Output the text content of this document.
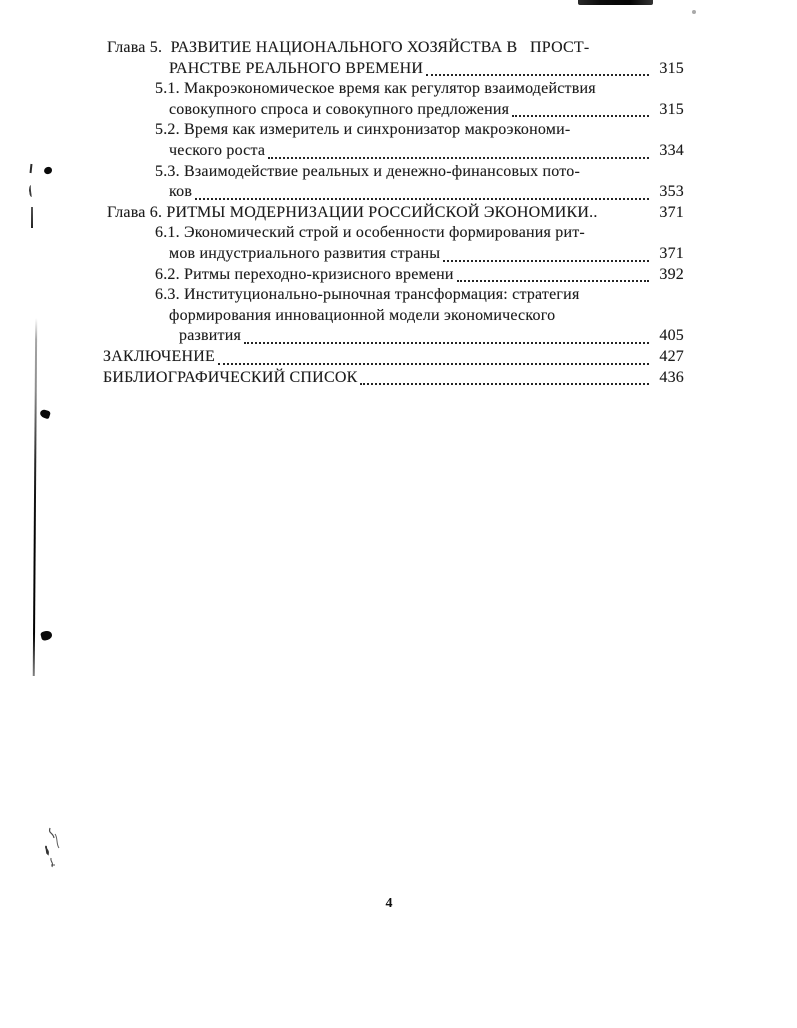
Глава 5.  РАЗВИТИЕ НАЦИОНАЛЬНОГО ХОЗЯЙСТВА В   ПРОСТ-
РАНСТВЕ РЕАЛЬНОГО ВРЕМЕНИ	315
5.1. Макроэкономическое время как регулятор взаимодействия
совокупного спроса и совокупного предложения	315
5.2. Время как измеритель и синхронизатор макроэкономи-
ческого роста	334
5.3. Взаимодействие реальных и денежно-финансовых пото-
ков	353
Глава 6. РИТМЫ МОДЕРНИЗАЦИИ РОССИЙСКОЙ ЭКОНОМИКИ..	371
6.1. Экономический строй и особенности формирования рит-
мов индустриального развития страны	371
6.2. Ритмы переходно-кризисного времени	392
6.3. Институционально-рыночная трансформация: стратегия
формирования инновационной модели экономического
развития	405
ЗАКЛЮЧЕНИЕ	427
БИБЛИОГРАФИЧЕСКИЙ СПИСОК	436
4
